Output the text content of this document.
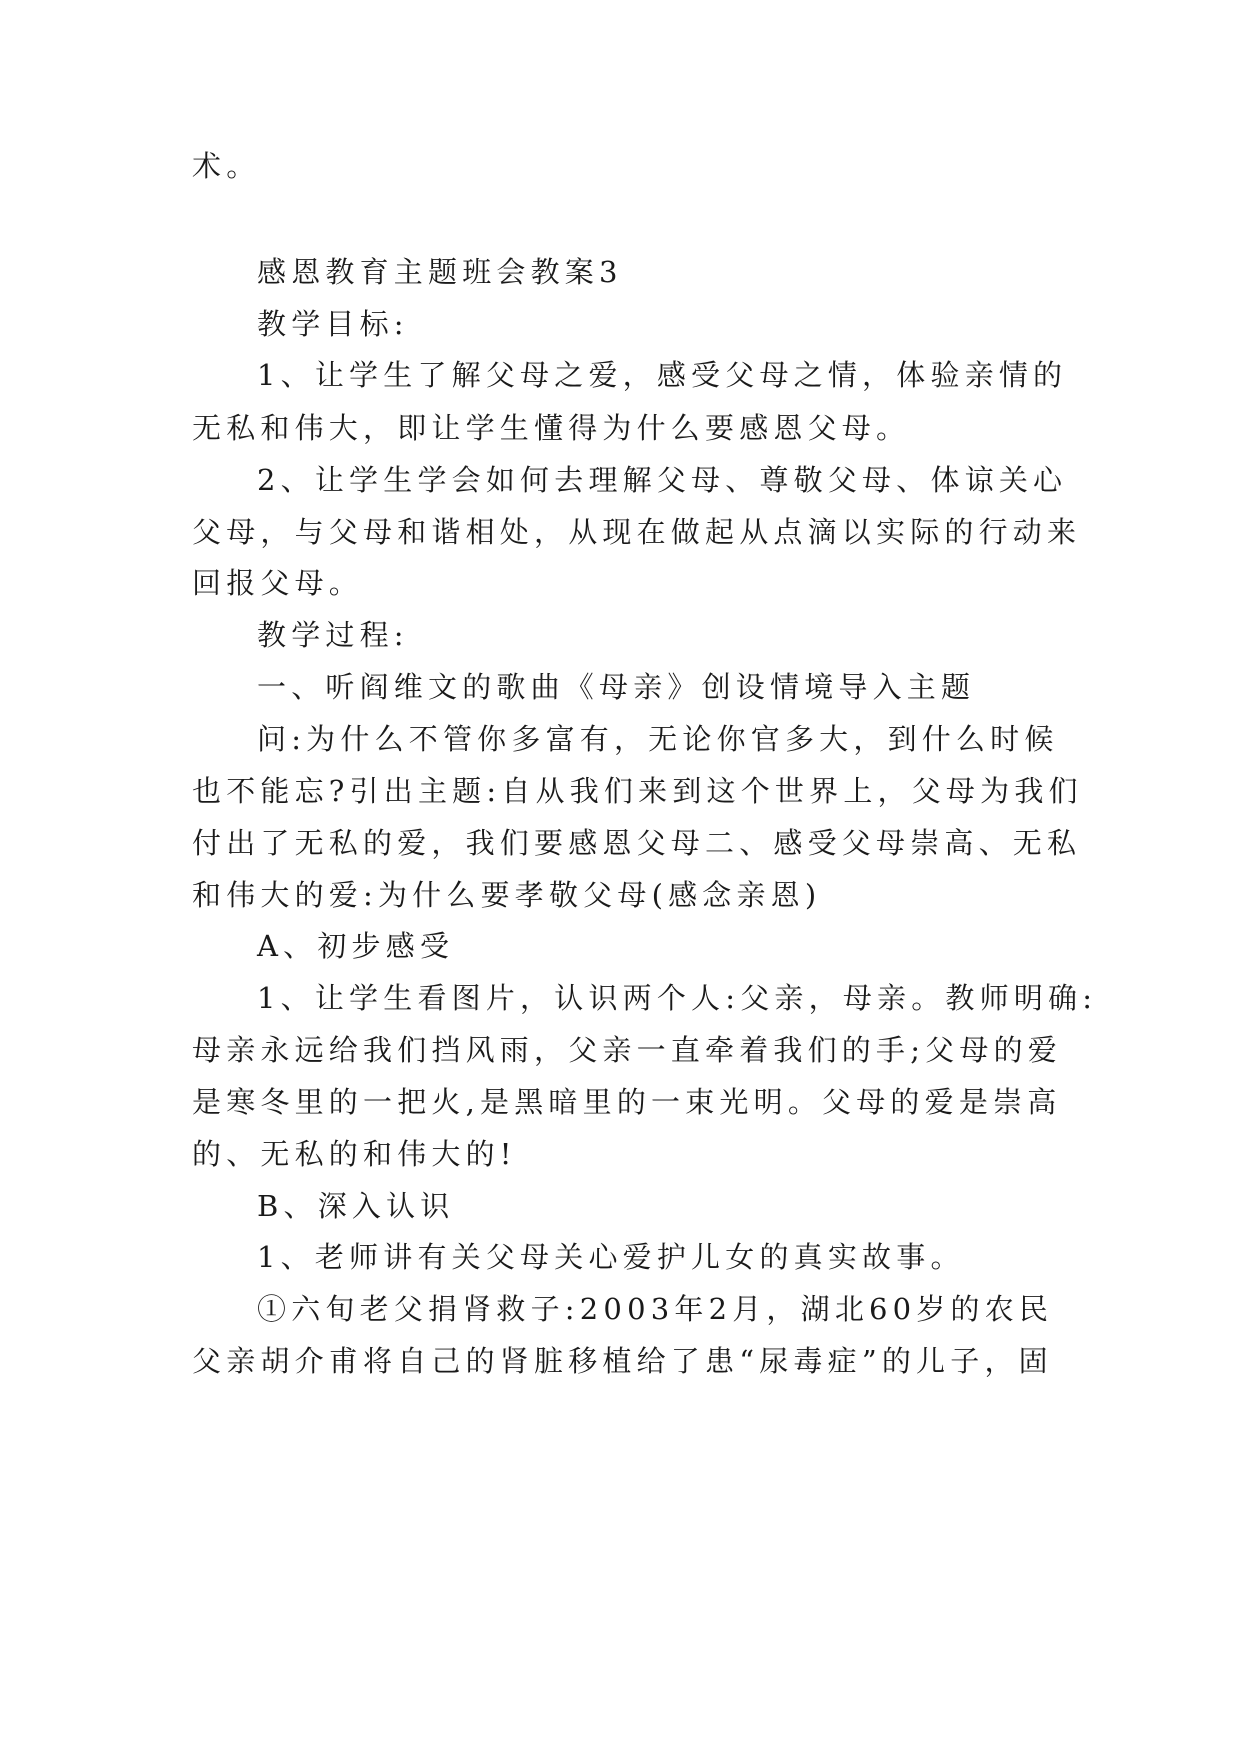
术。
感恩教育主题班会教案3
教学目标:
1、让学生了解父母之爱，感受父母之情，体验亲情的
无私和伟大，即让学生懂得为什么要感恩父母。
2、让学生学会如何去理解父母、尊敬父母、体谅关心
父母，与父母和谐相处，从现在做起从点滴以实际的行动来
回报父母。
教学过程:
一、听阎维文的歌曲《母亲》创设情境导入主题
问:为什么不管你多富有，无论你官多大，到什么时候
也不能忘?引出主题:自从我们来到这个世界上，父母为我们
付出了无私的爱，我们要感恩父母二、感受父母崇高、无私
和伟大的爱:为什么要孝敬父母(感念亲恩)
A、初步感受
1、让学生看图片，认识两个人:父亲，母亲。教师明确:
母亲永远给我们挡风雨，父亲一直牵着我们的手;父母的爱
是寒冬里的一把火,是黑暗里的一束光明。父母的爱是崇高
的、无私的和伟大的!
B、深入认识
1、老师讲有关父母关心爱护儿女的真实故事。
①六旬老父捐肾救子:2003年2月，湖北60岁的农民
父亲胡介甫将自己的肾脏移植给了患“尿毒症”的儿子，固
